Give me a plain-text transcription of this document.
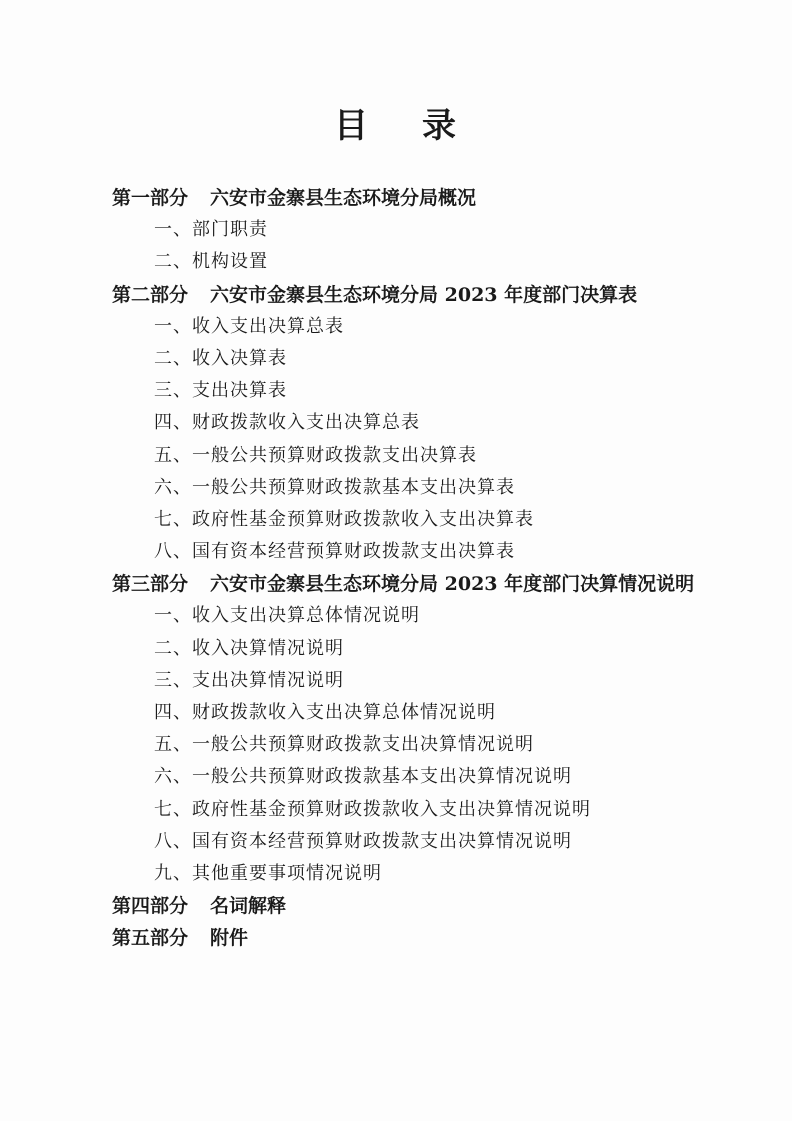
目 录
第一部分 六安市金寨县生态环境分局概况
一、部门职责
二、机构设置
第二部分 六安市金寨县生态环境分局 2023 年度部门决算表
一、收入支出决算总表
二、收入决算表
三、支出决算表
四、财政拨款收入支出决算总表
五、一般公共预算财政拨款支出决算表
六、一般公共预算财政拨款基本支出决算表
七、政府性基金预算财政拨款收入支出决算表
八、国有资本经营预算财政拨款支出决算表
第三部分 六安市金寨县生态环境分局 2023 年度部门决算情况说明
一、收入支出决算总体情况说明
二、收入决算情况说明
三、支出决算情况说明
四、财政拨款收入支出决算总体情况说明
五、一般公共预算财政拨款支出决算情况说明
六、一般公共预算财政拨款基本支出决算情况说明
七、政府性基金预算财政拨款收入支出决算情况说明
八、国有资本经营预算财政拨款支出决算情况说明
九、其他重要事项情况说明
第四部分 名词解释
第五部分 附件
